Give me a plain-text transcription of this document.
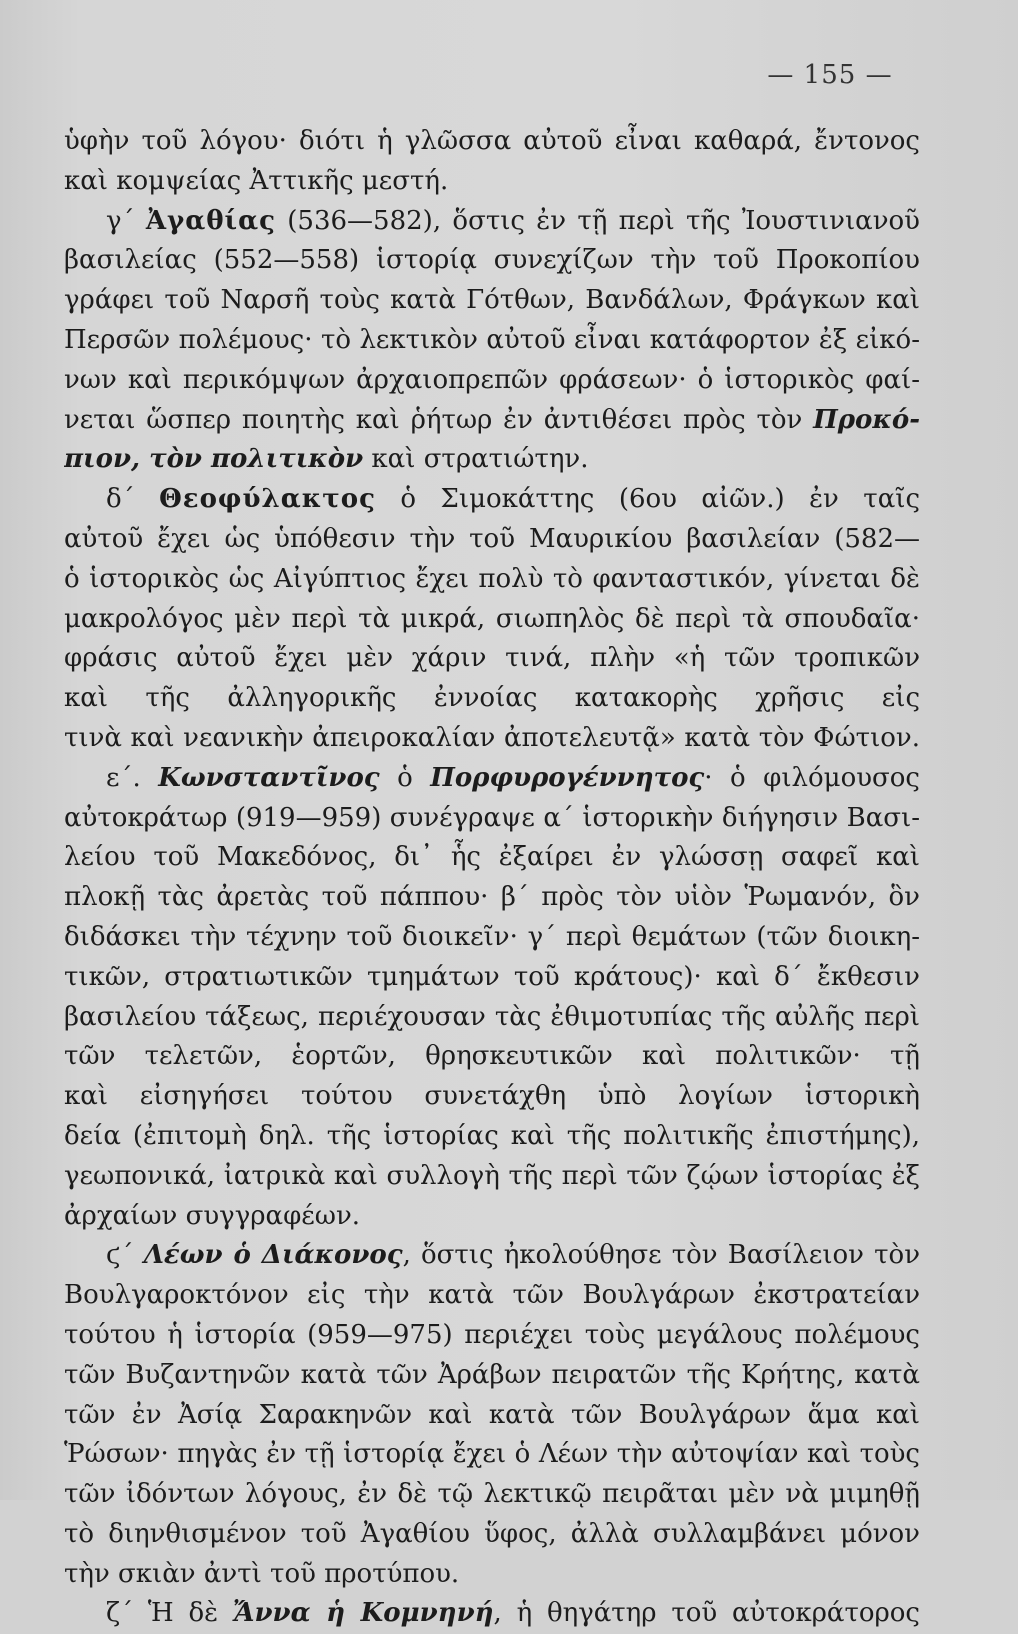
— 155 —
ὑφὴν τοῦ λόγου· διότι ἡ γλῶσσα αὐτοῦ εἶναι καθαρά, ἔντονος
καὶ κομψείας Ἀττικῆς μεστή.
γ΄ Ἀγαθίας (536—582), ὅστις ἐν τῇ περὶ τῆς Ἰουστινιανοῦ
βασιλείας (552—558) ἱστορίᾳ συνεχίζων τὴν τοῦ Προκοπίου
γράφει τοῦ Ναρσῆ τοὺς κατὰ Γότθων, Βανδάλων, Φράγκων καὶ
Περσῶν πολέμους· τὸ λεκτικὸν αὐτοῦ εἶναι κατάφορτον ἐξ εἰκό-
νων καὶ περικόμψων ἀρχαιοπρεπῶν φράσεων· ὁ ἱστορικὸς φαί-
νεται ὥσπερ ποιητὴς καὶ ῥήτωρ ἐν ἀντιθέσει πρὸς τὸν Προκό-
πιον, τὸν πολιτικὸν καὶ στρατιώτην.
δ΄ Θεοφύλακτος ὁ Σιμοκάττης (6ου αἰῶν.) ἐν ταῖς
αὐτοῦ ἔχει ὡς ὑπόθεσιν τὴν τοῦ Μαυρικίου βασιλείαν (582—
ὁ ἱστορικὸς ὡς Αἰγύπτιος ἔχει πολὺ τὸ φανταστικόν, γίνεται δὲ
μακρολόγος μὲν περὶ τὰ μικρά, σιωπηλὸς δὲ περὶ τὰ σπουδαῖα·
φράσις αὐτοῦ ἔχει μὲν χάριν τινά, πλὴν «ἡ τῶν τροπικῶν
καὶ τῆς ἀλληγορικῆς ἐννοίας κατακορὴς χρῆσις εἰς
τινὰ καὶ νεανικὴν ἀπειροκαλίαν ἀποτελευτᾷ» κατὰ τὸν Φώτιον.
ε΄. Κωνσταντῖνος ὁ Πορφυρογέννητος· ὁ φιλόμουσος
αὐτοκράτωρ (919—959) συνέγραψε α΄ ἱστορικὴν διήγησιν Βασι-
λείου τοῦ Μακεδόνος, δι᾽ ἧς ἐξαίρει ἐν γλώσσῃ σαφεῖ καὶ
πλοκῇ τὰς ἀρετὰς τοῦ πάππου· β΄ πρὸς τὸν υἱὸν Ῥωμανόν, ὃν
διδάσκει τὴν τέχνην τοῦ διοικεῖν· γ΄ περὶ θεμάτων (τῶν διοικη-
τικῶν, στρατιωτικῶν τμημάτων τοῦ κράτους)· καὶ δ΄ ἔκθεσιν
βασιλείου τάξεως, περιέχουσαν τὰς ἐθιμοτυπίας τῆς αὐλῆς περὶ
τῶν τελετῶν, ἑορτῶν, θρησκευτικῶν καὶ πολιτικῶν· τῇ
καὶ εἰσηγήσει τούτου συνετάχθη ὑπὸ λογίων ἱστορικὴ
δεία (ἐπιτομὴ δηλ. τῆς ἱστορίας καὶ τῆς πολιτικῆς ἐπιστήμης),
γεωπονικά, ἰατρικὰ καὶ συλλογὴ τῆς περὶ τῶν ζῴων ἱστορίας ἐξ
ἀρχαίων συγγραφέων.
ϛ΄ Λέων ὁ Διάκονος, ὅστις ἠκολούθησε τὸν Βασίλειον τὸν
Βουλγαροκτόνον εἰς τὴν κατὰ τῶν Βουλγάρων ἐκστρατείαν
τούτου ἡ ἱστορία (959—975) περιέχει τοὺς μεγάλους πολέμους
τῶν Βυζαντηνῶν κατὰ τῶν Ἀράβων πειρατῶν τῆς Κρήτης, κατὰ
τῶν ἐν Ἀσίᾳ Σαρακηνῶν καὶ κατὰ τῶν Βουλγάρων ἅμα καὶ
Ῥώσων· πηγὰς ἐν τῇ ἱστορίᾳ ἔχει ὁ Λέων τὴν αὐτοψίαν καὶ τοὺς
τῶν ἰδόντων λόγους, ἐν δὲ τῷ λεκτικῷ πειρᾶται μὲν νὰ μιμηθῇ
τὸ διηνθισμένον τοῦ Ἀγαθίου ὕφος, ἀλλὰ συλλαμβάνει μόνον
τὴν σκιὰν ἀντὶ τοῦ προτύπου.
ζ΄ Ἡ δὲ Ἄννα ἡ Κομνηνή, ἡ θηγάτηρ τοῦ αὐτοκράτορος
